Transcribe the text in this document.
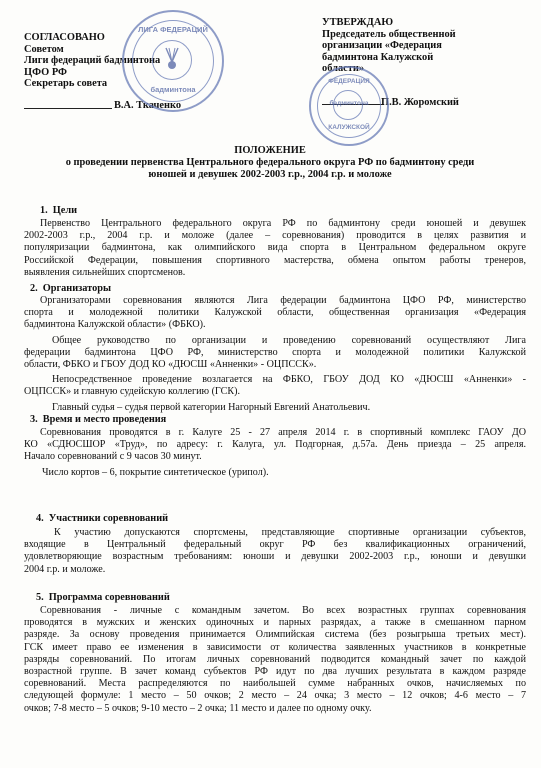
СОГЛАСОВАНО
Советом
Лиги федераций бадминтона
ЦФО РФ
Секретарь совета
В.А. Ткаченко
ЛИГА ФЕДЕРАЦИЙ
бадминтона
УТВЕРЖДАЮ
Председатель общественной
организации «Федерация
бадминтона Калужской
области»
П.В. Жоромский
ФЕДЕРАЦИЯ
бадминтона
КАЛУЖСКОЙ
ПОЛОЖЕНИЕ
о проведении первенства Центрального федерального округа РФ по бадминтону среди
юношей и девушек 2002-2003 г.р., 2004 г.р. и моложе
1. Цели
Первенство Центрального федерального округа РФ по бадминтону среди юношей и девушек
2002-2003 г.р., 2004 г.р. и моложе (далее – соревнования) проводится в целях развития и
популяризации бадминтона, как олимпийского вида спорта в Центральном федеральном округе
Российской Федерации, повышения спортивного мастерства, обмена опытом работы тренеров,
выявления сильнейших спортсменов.
2. Организаторы
Организаторами соревнования являются Лига федерации бадминтона ЦФО РФ, министерство
спорта и молодежной политики Калужской области, общественная организация «Федерация
бадминтона Калужской области» (ФБКО).
Общее руководство по организации и проведению соревнований осуществляют Лига
федерации бадминтона ЦФО РФ, министерство спорта и молодежной политики Калужской
области, ФБКО и ГБОУ ДОД КО «ДЮСШ «Анненки» - ОЦПССК».
Непосредственное проведение возлагается на ФБКО, ГБОУ ДОД КО «ДЮСШ «Анненки» -
ОЦПССК» и главную судейскую коллегию (ГСК).
Главный судья – судья первой категории Нагорный Евгений Анатольевич.
3. Время и место проведения
Соревнования проводятся в г. Калуге 25 - 27 апреля 2014 г. в спортивный комплекс ГАОУ ДО
КО «СДЮСШОР «Труд», по адресу: г. Калуга, ул. Подгорная, д.57а. День приезда – 25 апреля.
Начало соревнований с 9 часов 30 минут.
Число кортов – 6, покрытие синтетическое (урипол).
4. Участники соревнований
К участию допускаются спортсмены, представляющие спортивные организации субъектов,
входящие в Центральный федеральный округ РФ без квалификационных ограничений,
удовлетворяющие возрастным требованиям: юноши и девушки 2002-2003 г.р., юноши и девушки
2004 г.р. и моложе.
5. Программа соревнований
Соревнования - личные с командным зачетом. Во всех возрастных группах соревнования
проводятся в мужских и женских одиночных и парных разрядах, а также в смешанном парном
разряде. За основу проведения принимается Олимпийская система (без розыгрыша третьих мест).
ГСК имеет право ее изменения в зависимости от количества заявленных участников в конкретные
разряды соревнований. По итогам личных соревнований подводится командный зачет по каждой
возрастной группе. В зачет команд субъектов РФ идут по два лучших результата в каждом разряде
соревнований. Места распределяются по наибольшей сумме набранных очков, начисляемых по
следующей формуле: 1 место – 50 очков; 2 место – 24 очка; 3 место – 12 очков; 4-6 место – 7
очков; 7-8 место – 5 очков; 9-10 место – 2 очка; 11 место и далее по одному очку.
